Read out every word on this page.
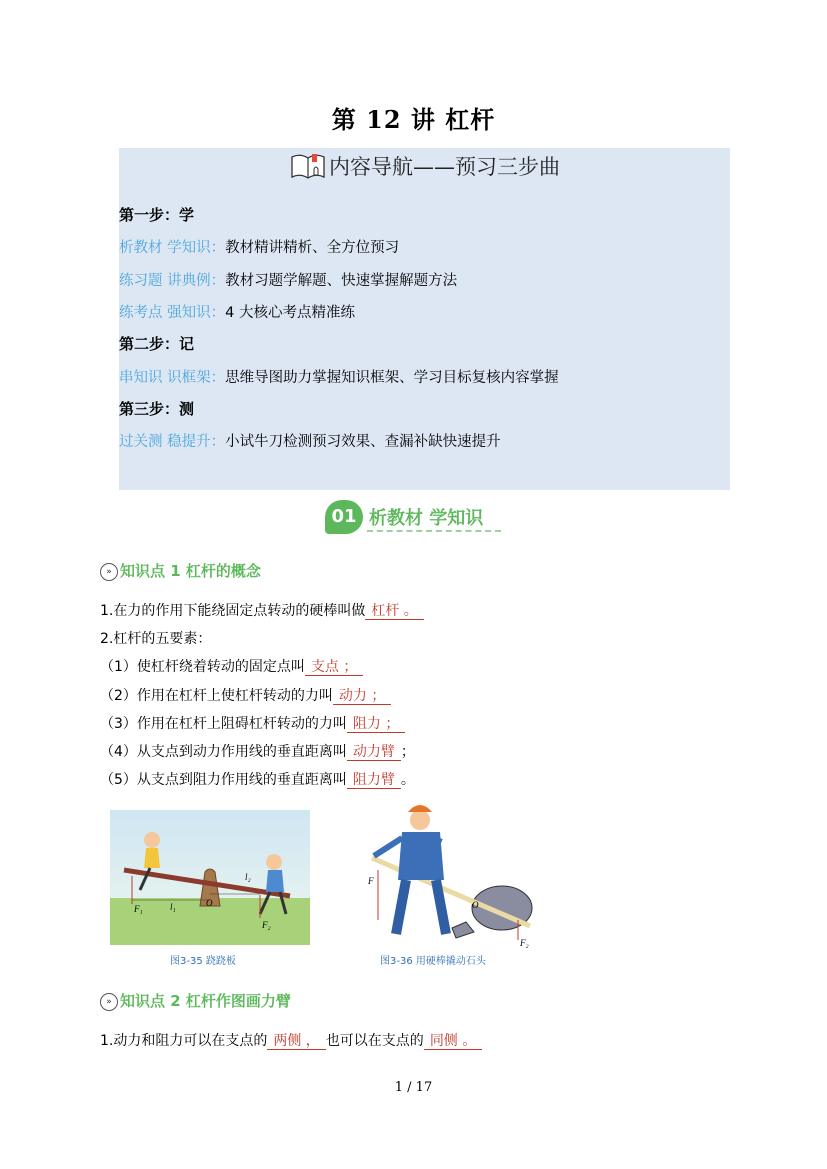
第 12 讲 杠杆
内容导航——预习三步曲
第一步：学
析教材 学知识：教材精讲精析、全方位预习
练习题 讲典例：教材习题学解题、快速掌握解题方法
练考点 强知识：4 大核心考点精准练
第二步：记
串知识 识框架：思维导图助力掌握知识框架、学习目标复核内容掌握
第三步：测
过关测 稳提升：小试牛刀检测预习效果、查漏补缺快速提升
01 析教材 学知识
» 知识点 1 杠杆的概念
1.在力的作用下能绕固定点转动的硬棒叫做 杠杆 。
2.杠杆的五要素：
（1）使杠杆绕着转动的固定点叫 支点 ；
（2）作用在杠杆上使杠杆转动的力叫 动力 ；
（3）作用在杠杆上阻碍杠杆转动的力叫 阻力 ；
（4）从支点到动力作用线的垂直距离叫 动力臂 ；
（5）从支点到阻力作用线的垂直距离叫 阻力臂 。
F₁	l₁	O
l₂
F₂
图3-35 跷跷板
F
O
F₂
图3-36 用硬棒撬动石头
» 知识点 2 杠杆作图画力臂
1.动力和阻力可以在支点的 两侧 ， 也可以在支点的 同侧 。
1 / 17
